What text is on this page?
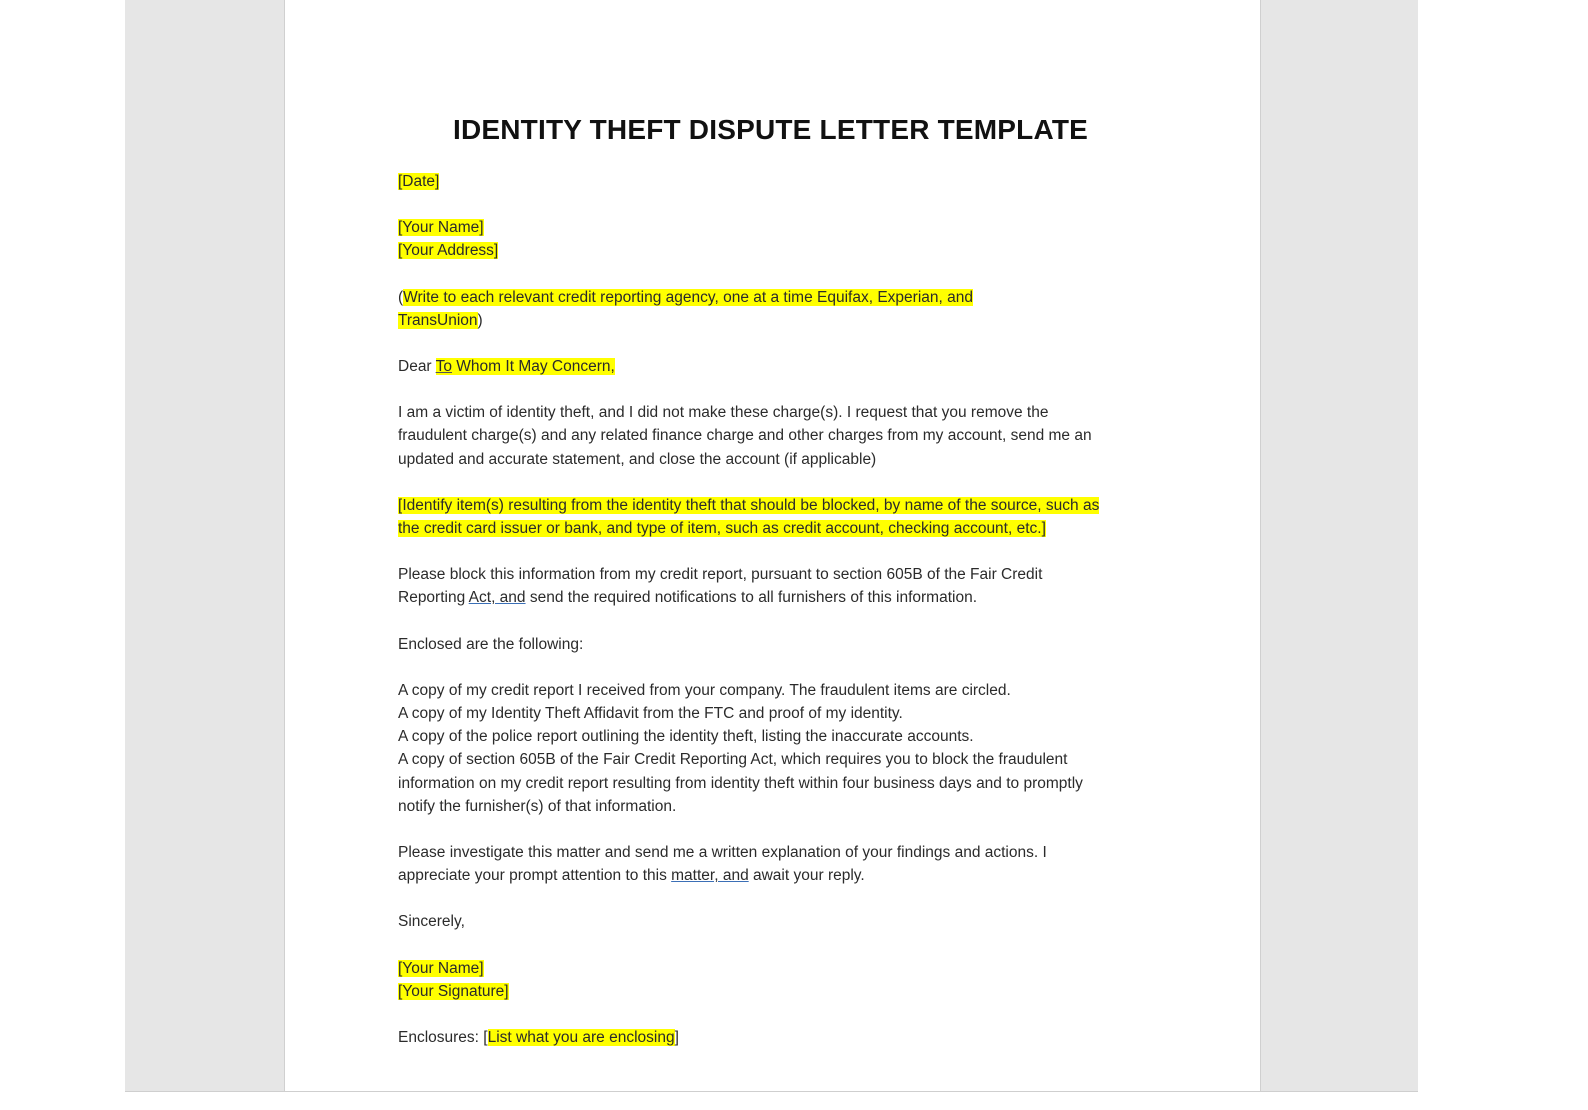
IDENTITY THEFT DISPUTE LETTER TEMPLATE

[Date]

[Your Name]
[Your Address]

(Write to each relevant credit reporting agency, one at a time Equifax, Experian, and
TransUnion)

Dear To Whom It May Concern,

I am a victim of identity theft, and I did not make these charge(s). I request that you remove the
fraudulent charge(s) and any related finance charge and other charges from my account, send me an
updated and accurate statement, and close the account (if applicable)

[Identify item(s) resulting from the identity theft that should be blocked, by name of the source, such as
the credit card issuer or bank, and type of item, such as credit account, checking account, etc.]

Please block this information from my credit report, pursuant to section 605B of the Fair Credit
Reporting Act, and send the required notifications to all furnishers of this information.

Enclosed are the following:

A copy of my credit report I received from your company. The fraudulent items are circled.
A copy of my Identity Theft Affidavit from the FTC and proof of my identity.
A copy of the police report outlining the identity theft, listing the inaccurate accounts.
A copy of section 605B of the Fair Credit Reporting Act, which requires you to block the fraudulent
information on my credit report resulting from identity theft within four business days and to promptly
notify the furnisher(s) of that information.

Please investigate this matter and send me a written explanation of your findings and actions. I
appreciate your prompt attention to this matter, and await your reply.

Sincerely,

[Your Name]
[Your Signature]

Enclosures: [List what you are enclosing]
